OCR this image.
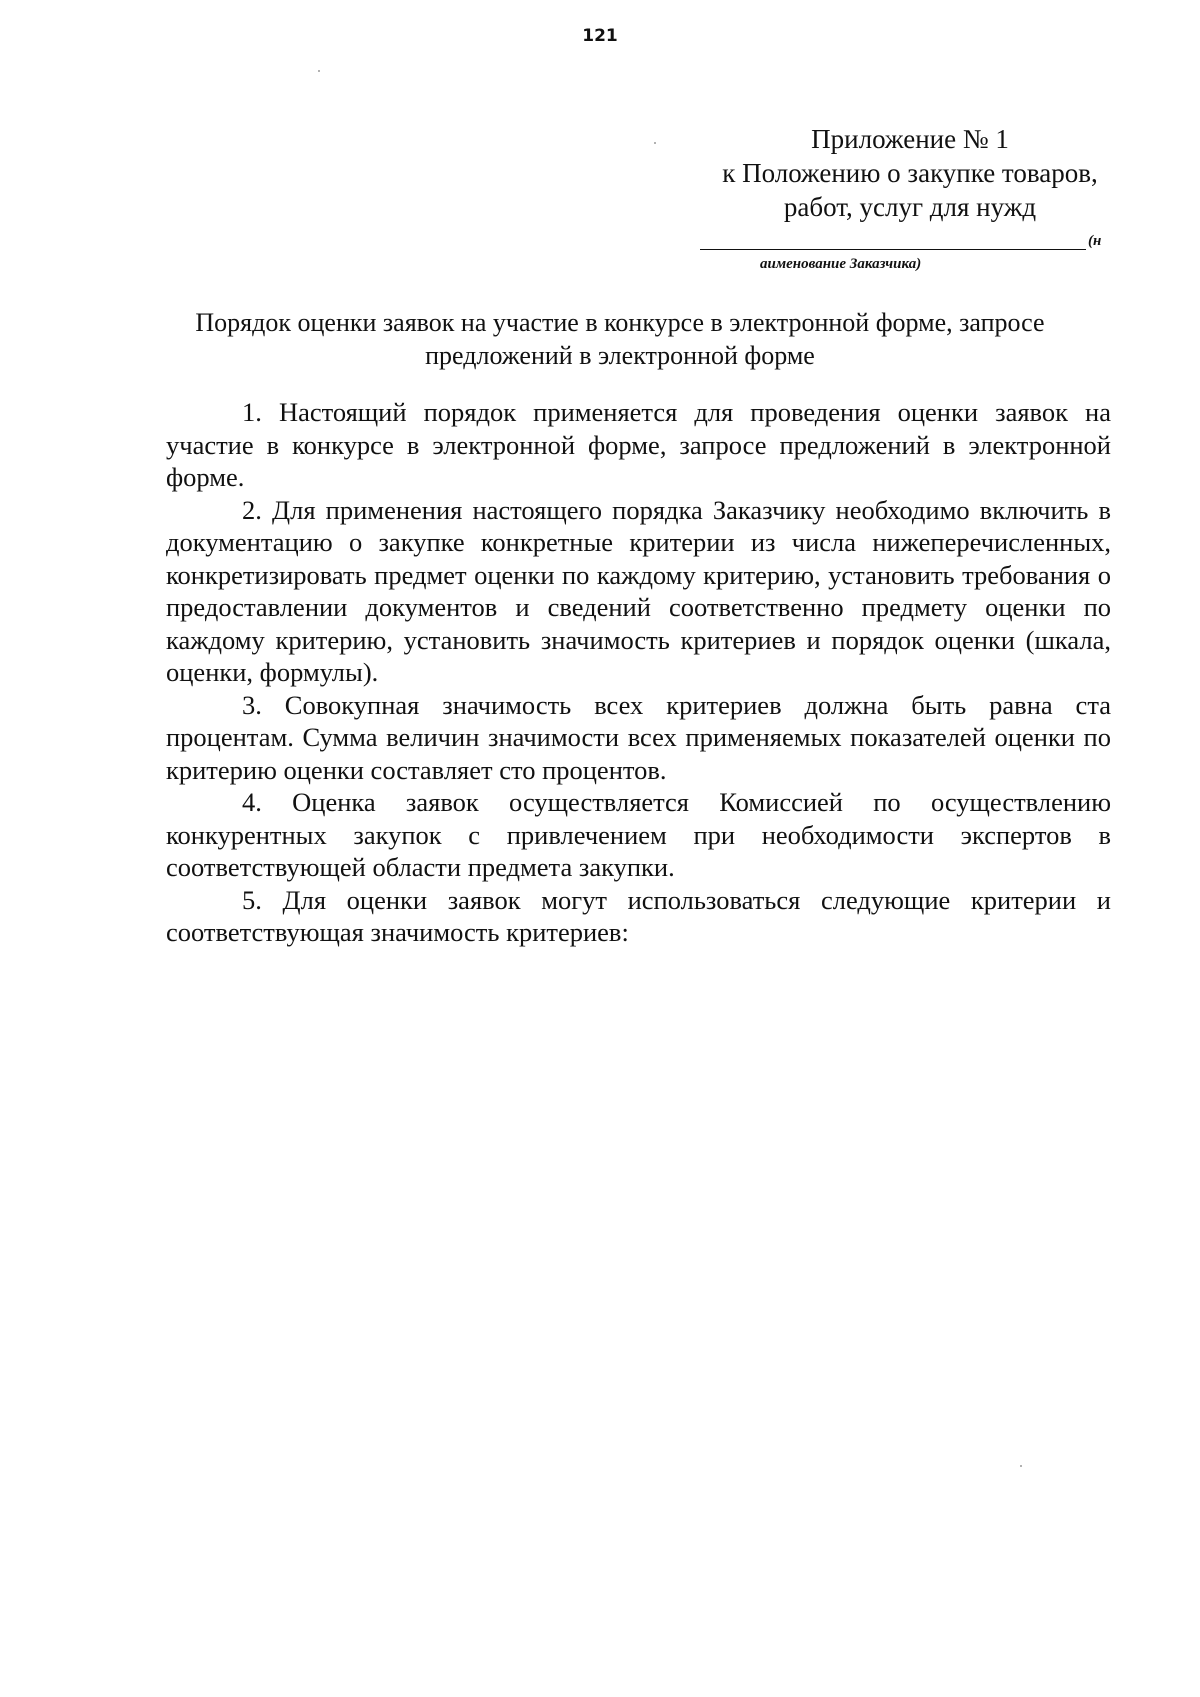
121
Приложение № 1
к Положению о закупке товаров,
работ, услуг для нужд
(н
аименование Заказчика)
Порядок оценки заявок на участие в конкурсе в электронной форме, запросе
предложений в электронной форме

1. Настоящий порядок применяется для проведения оценки заявок на участие в конкурсе в электронной форме, запросе предложений в электронной форме.

2. Для применения настоящего порядка Заказчику необходимо включить в документацию о закупке конкретные критерии из числа нижеперечисленных, конкретизировать предмет оценки по каждому критерию, установить требования о предоставлении документов и сведений соответственно предмету оценки по каждому критерию, установить значимость критериев и порядок оценки (шкала, оценки, формулы).

3. Совокупная значимость всех критериев должна быть равна ста процентам. Сумма величин значимости всех применяемых показателей оценки по критерию оценки составляет сто процентов.

4. Оценка заявок осуществляется Комиссией по осуществлению конкурентных закупок с привлечением при необходимости экспертов в соответствующей области предмета закупки.

5. Для оценки заявок могут использоваться следующие критерии и соответствующая значимость критериев:
